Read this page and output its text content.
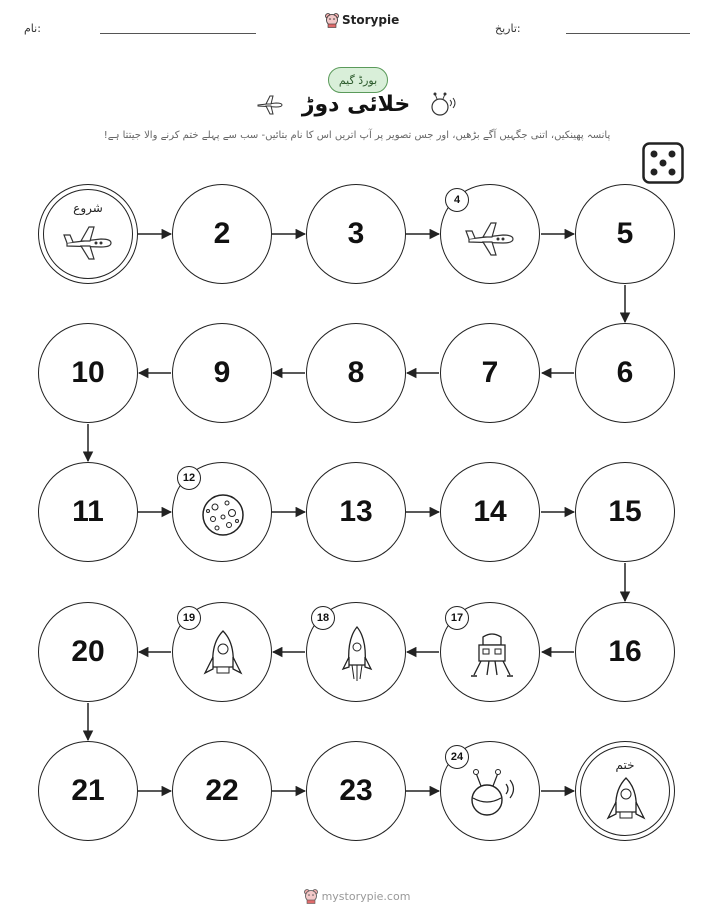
نام:
Storypie
تاریخ:
بورڈ گیم
خلائی دوڑ
پانسہ پھینکیں، اتنی جگہیں آگے بڑھیں، اور جس تصویر پر آپ اتریں اس کا نام بتائیں- سب سے پہلے ختم کرنے والا جیتتا ہے!
شروع
2	3
4
5
6
7
8
9
10
11
12
13	14	15
16
17
18
19
20
21	22	23
24
ختم
mystorypie.com
